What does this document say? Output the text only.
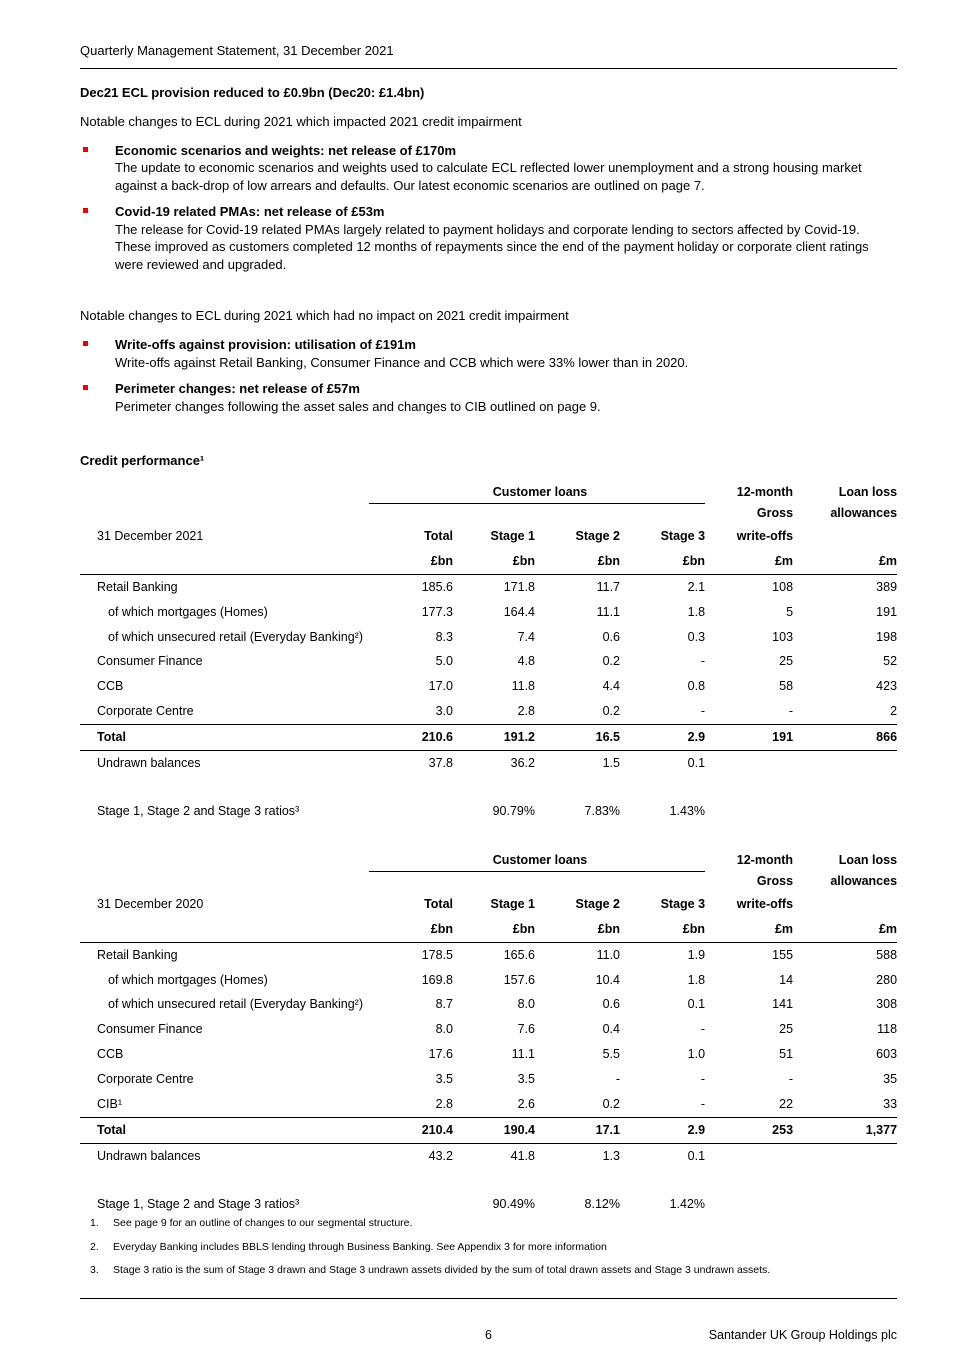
Quarterly Management Statement, 31 December 2021
Dec21 ECL provision reduced to £0.9bn (Dec20: £1.4bn)
Notable changes to ECL during 2021 which impacted 2021 credit impairment
Economic scenarios and weights: net release of £170m
The update to economic scenarios and weights used to calculate ECL reflected lower unemployment and a strong housing market against a back-drop of low arrears and defaults. Our latest economic scenarios are outlined on page 7.
Covid-19 related PMAs: net release of £53m
The release for Covid-19 related PMAs largely related to payment holidays and corporate lending to sectors affected by Covid-19. These improved as customers completed 12 months of repayments since the end of the payment holiday or corporate client ratings were reviewed and upgraded.
Notable changes to ECL during 2021 which had no impact on 2021 credit impairment
Write-offs against provision: utilisation of £191m
Write-offs against Retail Banking, Consumer Finance and CCB which were 33% lower than in 2020.
Perimeter changes: net release of £57m
Perimeter changes following the asset sales and changes to CIB outlined on page 9.
Credit performance¹
	Customer loans				12-month	Loan loss
					Gross	allowances
31 December 2021	Total	Stage 1	Stage 2	Stage 3	write-offs	
	£bn	£bn	£bn	£bn	£m	£m
Retail Banking	185.6	171.8	11.7	2.1	108	389
of which mortgages (Homes)	177.3	164.4	11.1	1.8	5	191
of which unsecured retail (Everyday Banking²)	8.3	7.4	0.6	0.3	103	198
Consumer Finance	5.0	4.8	0.2	-	25	52
CCB	17.0	11.8	4.4	0.8	58	423
Corporate Centre	3.0	2.8	0.2	-	-	2
Total	210.6	191.2	16.5	2.9	191	866
Undrawn balances	37.8	36.2	1.5	0.1		
Stage 1, Stage 2 and Stage 3 ratios³		90.79%	7.83%	1.43%		
	Customer loans				12-month	Loan loss
					Gross	allowances
31 December 2020	Total	Stage 1	Stage 2	Stage 3	write-offs	
	£bn	£bn	£bn	£bn	£m	£m
Retail Banking	178.5	165.6	11.0	1.9	155	588
of which mortgages (Homes)	169.8	157.6	10.4	1.8	14	280
of which unsecured retail (Everyday Banking²)	8.7	8.0	0.6	0.1	141	308
Consumer Finance	8.0	7.6	0.4	-	25	118
CCB	17.6	11.1	5.5	1.0	51	603
Corporate Centre	3.5	3.5	-	-	-	35
CIB¹	2.8	2.6	0.2	-	22	33
Total	210.4	190.4	17.1	2.9	253	1,377
Undrawn balances	43.2	41.8	1.3	0.1		
Stage 1, Stage 2 and Stage 3 ratios³		90.49%	8.12%	1.42%		
1.	See page 9 for an outline of changes to our segmental structure.
2.	Everyday Banking includes BBLS lending through Business Banking. See Appendix 3 for more information
3.	Stage 3 ratio is the sum of Stage 3 drawn and Stage 3 undrawn assets divided by the sum of total drawn assets and Stage 3 undrawn assets.
6	Santander UK Group Holdings plc
